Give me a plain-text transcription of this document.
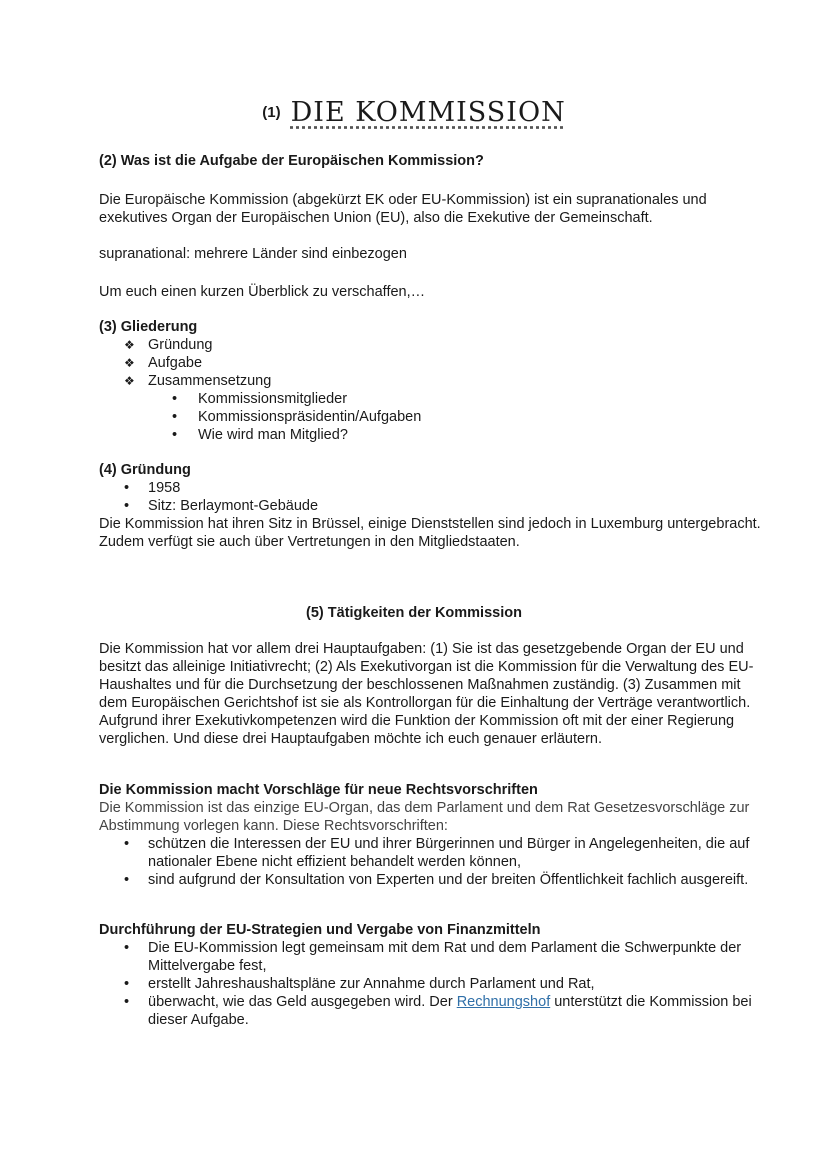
(1) DIE KOMMISSION
(2) Was ist die Aufgabe der Europäischen Kommission?
Die Europäische Kommission (abgekürzt EK oder EU-Kommission) ist ein supranationales und exekutives Organ der Europäischen Union (EU), also die Exekutive der Gemeinschaft.
supranational: mehrere Länder sind einbezogen
Um euch einen kurzen Überblick zu verschaffen,…
(3) Gliederung
❖ Gründung
❖ Aufgabe
❖ Zusammensetzung
• Kommissionsmitglieder
• Kommissionspräsidentin/Aufgaben
• Wie wird man Mitglied?
(4) Gründung
• 1958
• Sitz: Berlaymont-Gebäude
Die Kommission hat ihren Sitz in Brüssel, einige Dienststellen sind jedoch in Luxemburg untergebracht. Zudem verfügt sie auch über Vertretungen in den Mitgliedstaaten.
(5) Tätigkeiten der Kommission
Die Kommission hat vor allem drei Hauptaufgaben: (1) Sie ist das gesetzgebende Organ der EU und besitzt das alleinige Initiativrecht; (2) Als Exekutivorgan ist die Kommission für die Verwaltung des EU-Haushaltes und für die Durchsetzung der beschlossenen Maßnahmen zuständig. (3) Zusammen mit dem Europäischen Gerichtshof ist sie als Kontrollorgan für die Einhaltung der Verträge verantwortlich. Aufgrund ihrer Exekutivkompetenzen wird die Funktion der Kommission oft mit der einer Regierung verglichen. Und diese drei Hauptaufgaben möchte ich euch genauer erläutern.
Die Kommission macht Vorschläge für neue Rechtsvorschriften
Die Kommission ist das einzige EU-Organ, das dem Parlament und dem Rat Gesetzesvorschläge zur Abstimmung vorlegen kann. Diese Rechtsvorschriften:
• schützen die Interessen der EU und ihrer Bürgerinnen und Bürger in Angelegenheiten, die auf nationaler Ebene nicht effizient behandelt werden können,
• sind aufgrund der Konsultation von Experten und der breiten Öffentlichkeit fachlich ausgereift.
Durchführung der EU-Strategien und Vergabe von Finanzmitteln
• Die EU-Kommission legt gemeinsam mit dem Rat und dem Parlament die Schwerpunkte der Mittelvergabe fest,
• erstellt Jahreshaushaltspläne zur Annahme durch Parlament und Rat,
• überwacht, wie das Geld ausgegeben wird. Der Rechnungshof unterstützt die Kommission bei dieser Aufgabe.
